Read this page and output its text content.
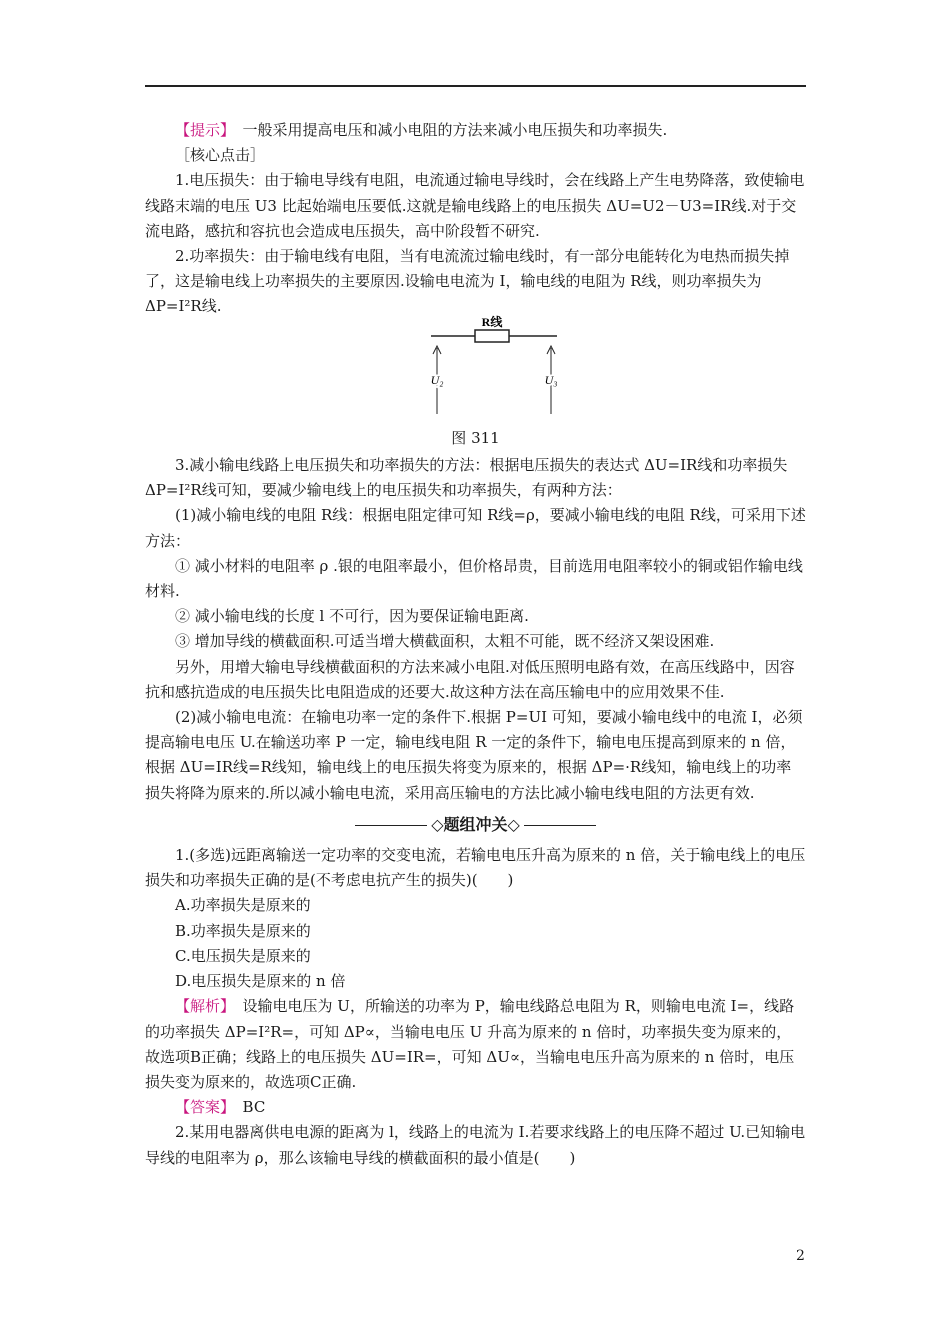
【提示】　 一般采用提高电压和减小电阻的方法来减小电压损失和功率损失.

［核心点击］

1.电压损失：由于输电导线有电阻，电流通过输电导线时，会在线路上产生电势降落，致使输电线路末端的电压 U3 比起始端电压要低.这就是输电线路上的电压损失 ΔU=U2－U3=IR线.对于交流电路，感抗和容抗也会造成电压损失，高中阶段暂不研究.

2.功率损失：由于输电线有电阻，当有电流流过输电线时，有一部分电能转化为电热而损失掉了，这是输电线上功率损失的主要原因.设输电电流为 I，输电线的电阻为 R线，则功率损失为 ΔP=I²R线.

R线
U₂	U₃

图 311

3.减小输电线路上电压损失和功率损失的方法：根据电压损失的表达式 ΔU=IR线和功率损失 ΔP=I²R线可知，要减少输电线上的电压损失和功率损失，有两种方法：

(1)减小输电线的电阻 R线：根据电阻定律可知 R线=ρ，要减小输电线的电阻 R线，可采用下述方法：

① 减小材料的电阻率 ρ .银的电阻率最小，但价格昂贵，目前选用电阻率较小的铜或铝作输电线材料.

② 减小输电线的长度 l 不可行，因为要保证输电距离.

③ 增加导线的横截面积.可适当增大横截面积，太粗不可能，既不经济又架设困难.

另外，用增大输电导线横截面积的方法来减小电阻.对低压照明电路有效，在高压线路中，因容抗和感抗造成的电压损失比电阻造成的还要大.故这种方法在高压输电中的应用效果不佳.

(2)减小输电电流：在输电功率一定的条件下.根据 P=UI 可知，要减小输电线中的电流 I，必须提高输电电压 U.在输送功率 P 一定，输电线电阻 R 一定的条件下，输电电压提高到原来的 n 倍，根据 ΔU=IR线=R线知，输电线上的电压损失将变为原来的，根据 ΔP=·R线知，输电线上的功率损失将降为原来的.所以减小输电电流，采用高压输电的方法比减小输电线电阻的方法更有效.

◇题组冲关◇

1.(多选)远距离输送一定功率的交变电流，若输电电压升高为原来的 n 倍，关于输电线上的电压损失和功率损失正确的是(不考虑电抗产生的损失)(　　)

A.功率损失是原来的

B.功率损失是原来的

C.电压损失是原来的

D.电压损失是原来的 n 倍

【解析】　 设输电电压为 U，所输送的功率为 P，输电线路总电阻为 R，则输电电流 I=，线路的功率损失 ΔP=I²R=，可知 ΔP∝，当输电电压 U 升高为原来的 n 倍时，功率损失变为原来的，故选项B正确；线路上的电压损失 ΔU=IR=，可知 ΔU∝，当输电电压升高为原来的 n 倍时，电压损失变为原来的，故选项C正确.

【答案】　 BC

2.某用电器离供电电源的距离为 l，线路上的电流为 I.若要求线路上的电压降不超过 U.已知输电导线的电阻率为 ρ，那么该输电导线的横截面积的最小值是(　　)

2
